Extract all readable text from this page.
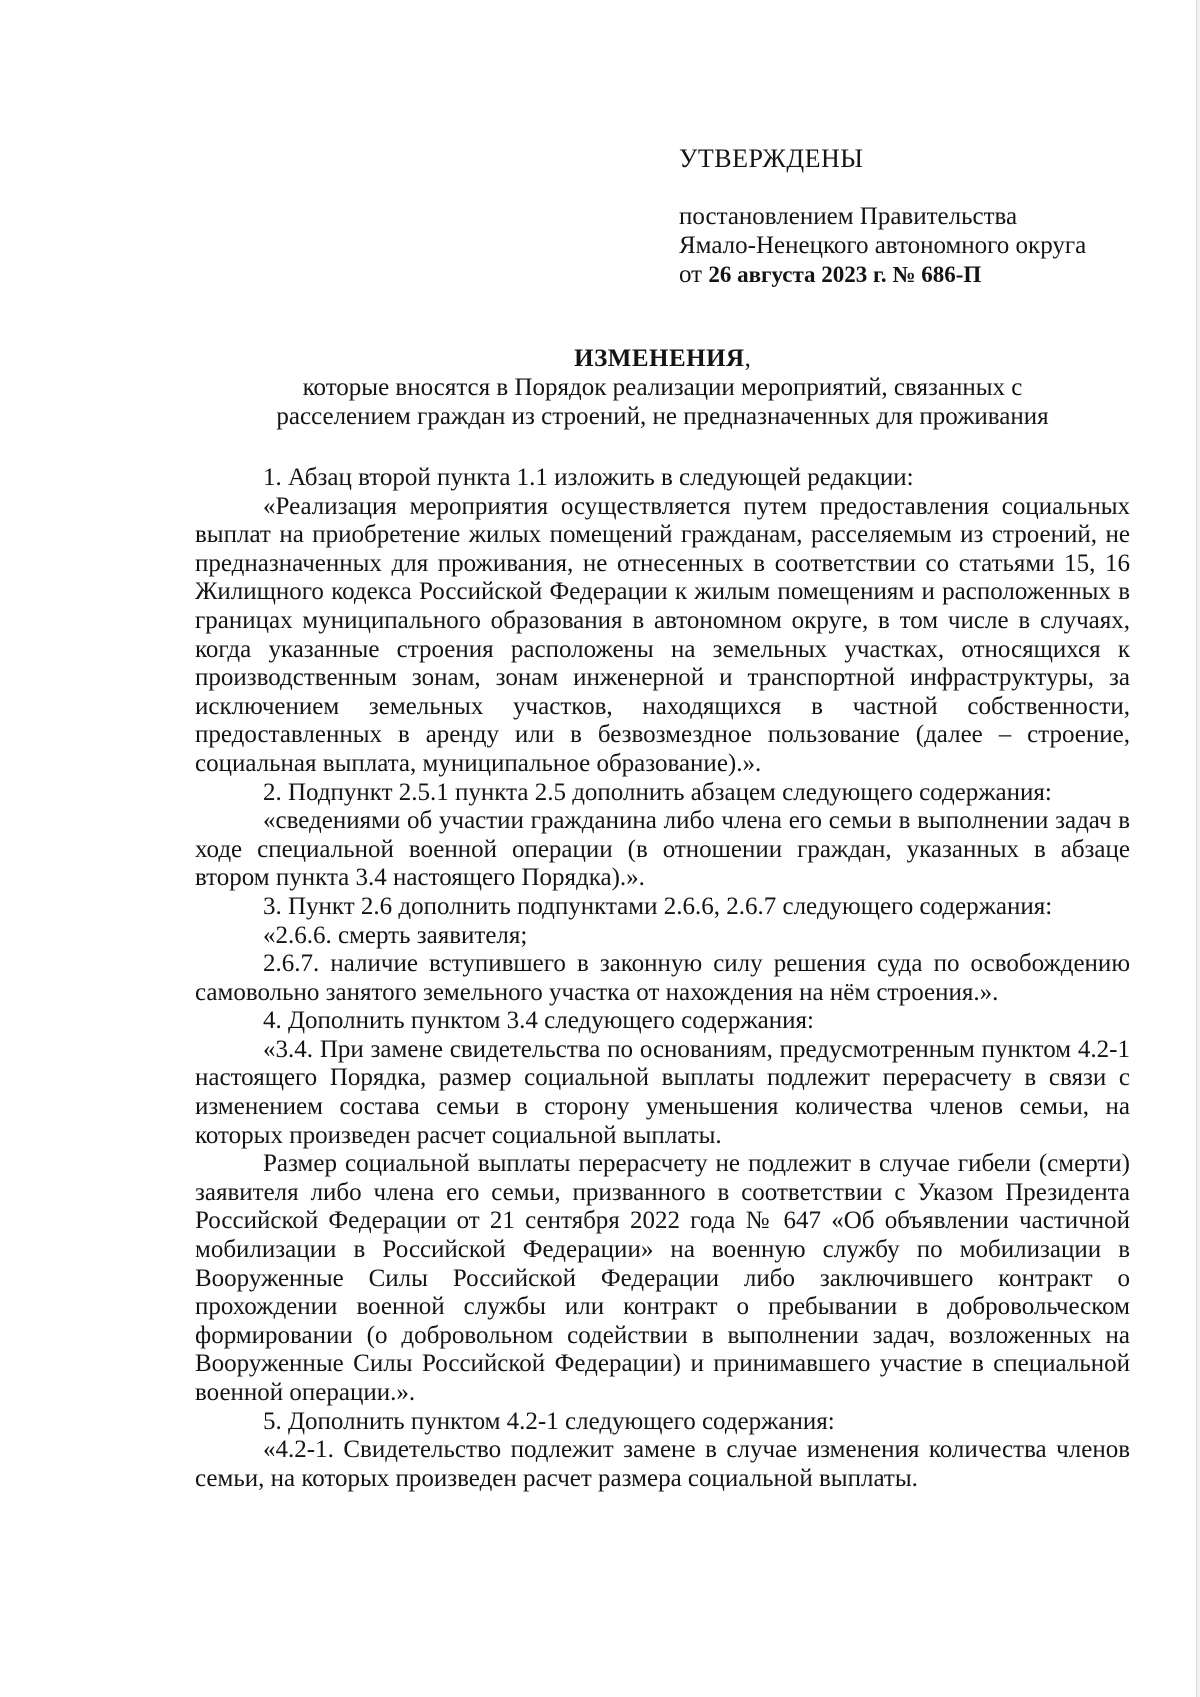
УТВЕРЖДЕНЫ
постановлением Правительства
Ямало-Ненецкого автономного округа
от 26 августа 2023 г. № 686-П
ИЗМЕНЕНИЯ,
которые вносятся в Порядок реализации мероприятий, связанных с
расселением граждан из строений, не предназначенных для проживания

1. Абзац второй пункта 1.1 изложить в следующей редакции:

«Реализация мероприятия осуществляется путем предоставления социальных выплат на приобретение жилых помещений гражданам, расселяемым из строений, не предназначенных для проживания, не отнесенных в соответствии со статьями 15, 16 Жилищного кодекса Российской Федерации к жилым помещениям и расположенных в границах муниципального образования в автономном округе, в том числе в случаях, когда указанные строения расположены на земельных участках, относящихся к производственным зонам, зонам инженерной и транспортной инфраструктуры, за исключением земельных участков, находящихся в частной собственности, предоставленных в аренду или в безвозмездное пользование (далее – строение, социальная выплата, муниципальное образование).».

2. Подпункт 2.5.1 пункта 2.5 дополнить абзацем следующего содержания:

«сведениями об участии гражданина либо члена его семьи в выполнении задач в ходе специальной военной операции (в отношении граждан, указанных в абзаце втором пункта 3.4 настоящего Порядка).».

3. Пункт 2.6 дополнить подпунктами 2.6.6, 2.6.7 следующего содержания:

«2.6.6. смерть заявителя;

2.6.7. наличие вступившего в законную силу решения суда по освобождению самовольно занятого земельного участка от нахождения на нём строения.».

4. Дополнить пунктом 3.4 следующего содержания:

«3.4. При замене свидетельства по основаниям, предусмотренным пунктом 4.2-1 настоящего Порядка, размер социальной выплаты подлежит перерасчету в связи с изменением состава семьи в сторону уменьшения количества членов семьи, на которых произведен расчет социальной выплаты.

Размер социальной выплаты перерасчету не подлежит в случае гибели (смерти) заявителя либо члена его семьи, призванного в соответствии с Указом Президента Российской Федерации от 21 сентября 2022 года № 647 «Об объявлении частичной мобилизации в Российской Федерации» на военную службу по мобилизации в Вооруженные Силы Российской Федерации либо заключившего контракт о прохождении военной службы или контракт о пребывании в добровольческом формировании (о добровольном содействии в выполнении задач, возложенных на Вооруженные Силы Российской Федерации) и принимавшего участие в специальной военной операции.».

5. Дополнить пунктом 4.2-1 следующего содержания:

«4.2-1. Свидетельство подлежит замене в случае изменения количества членов семьи, на которых произведен расчет размера социальной выплаты.
